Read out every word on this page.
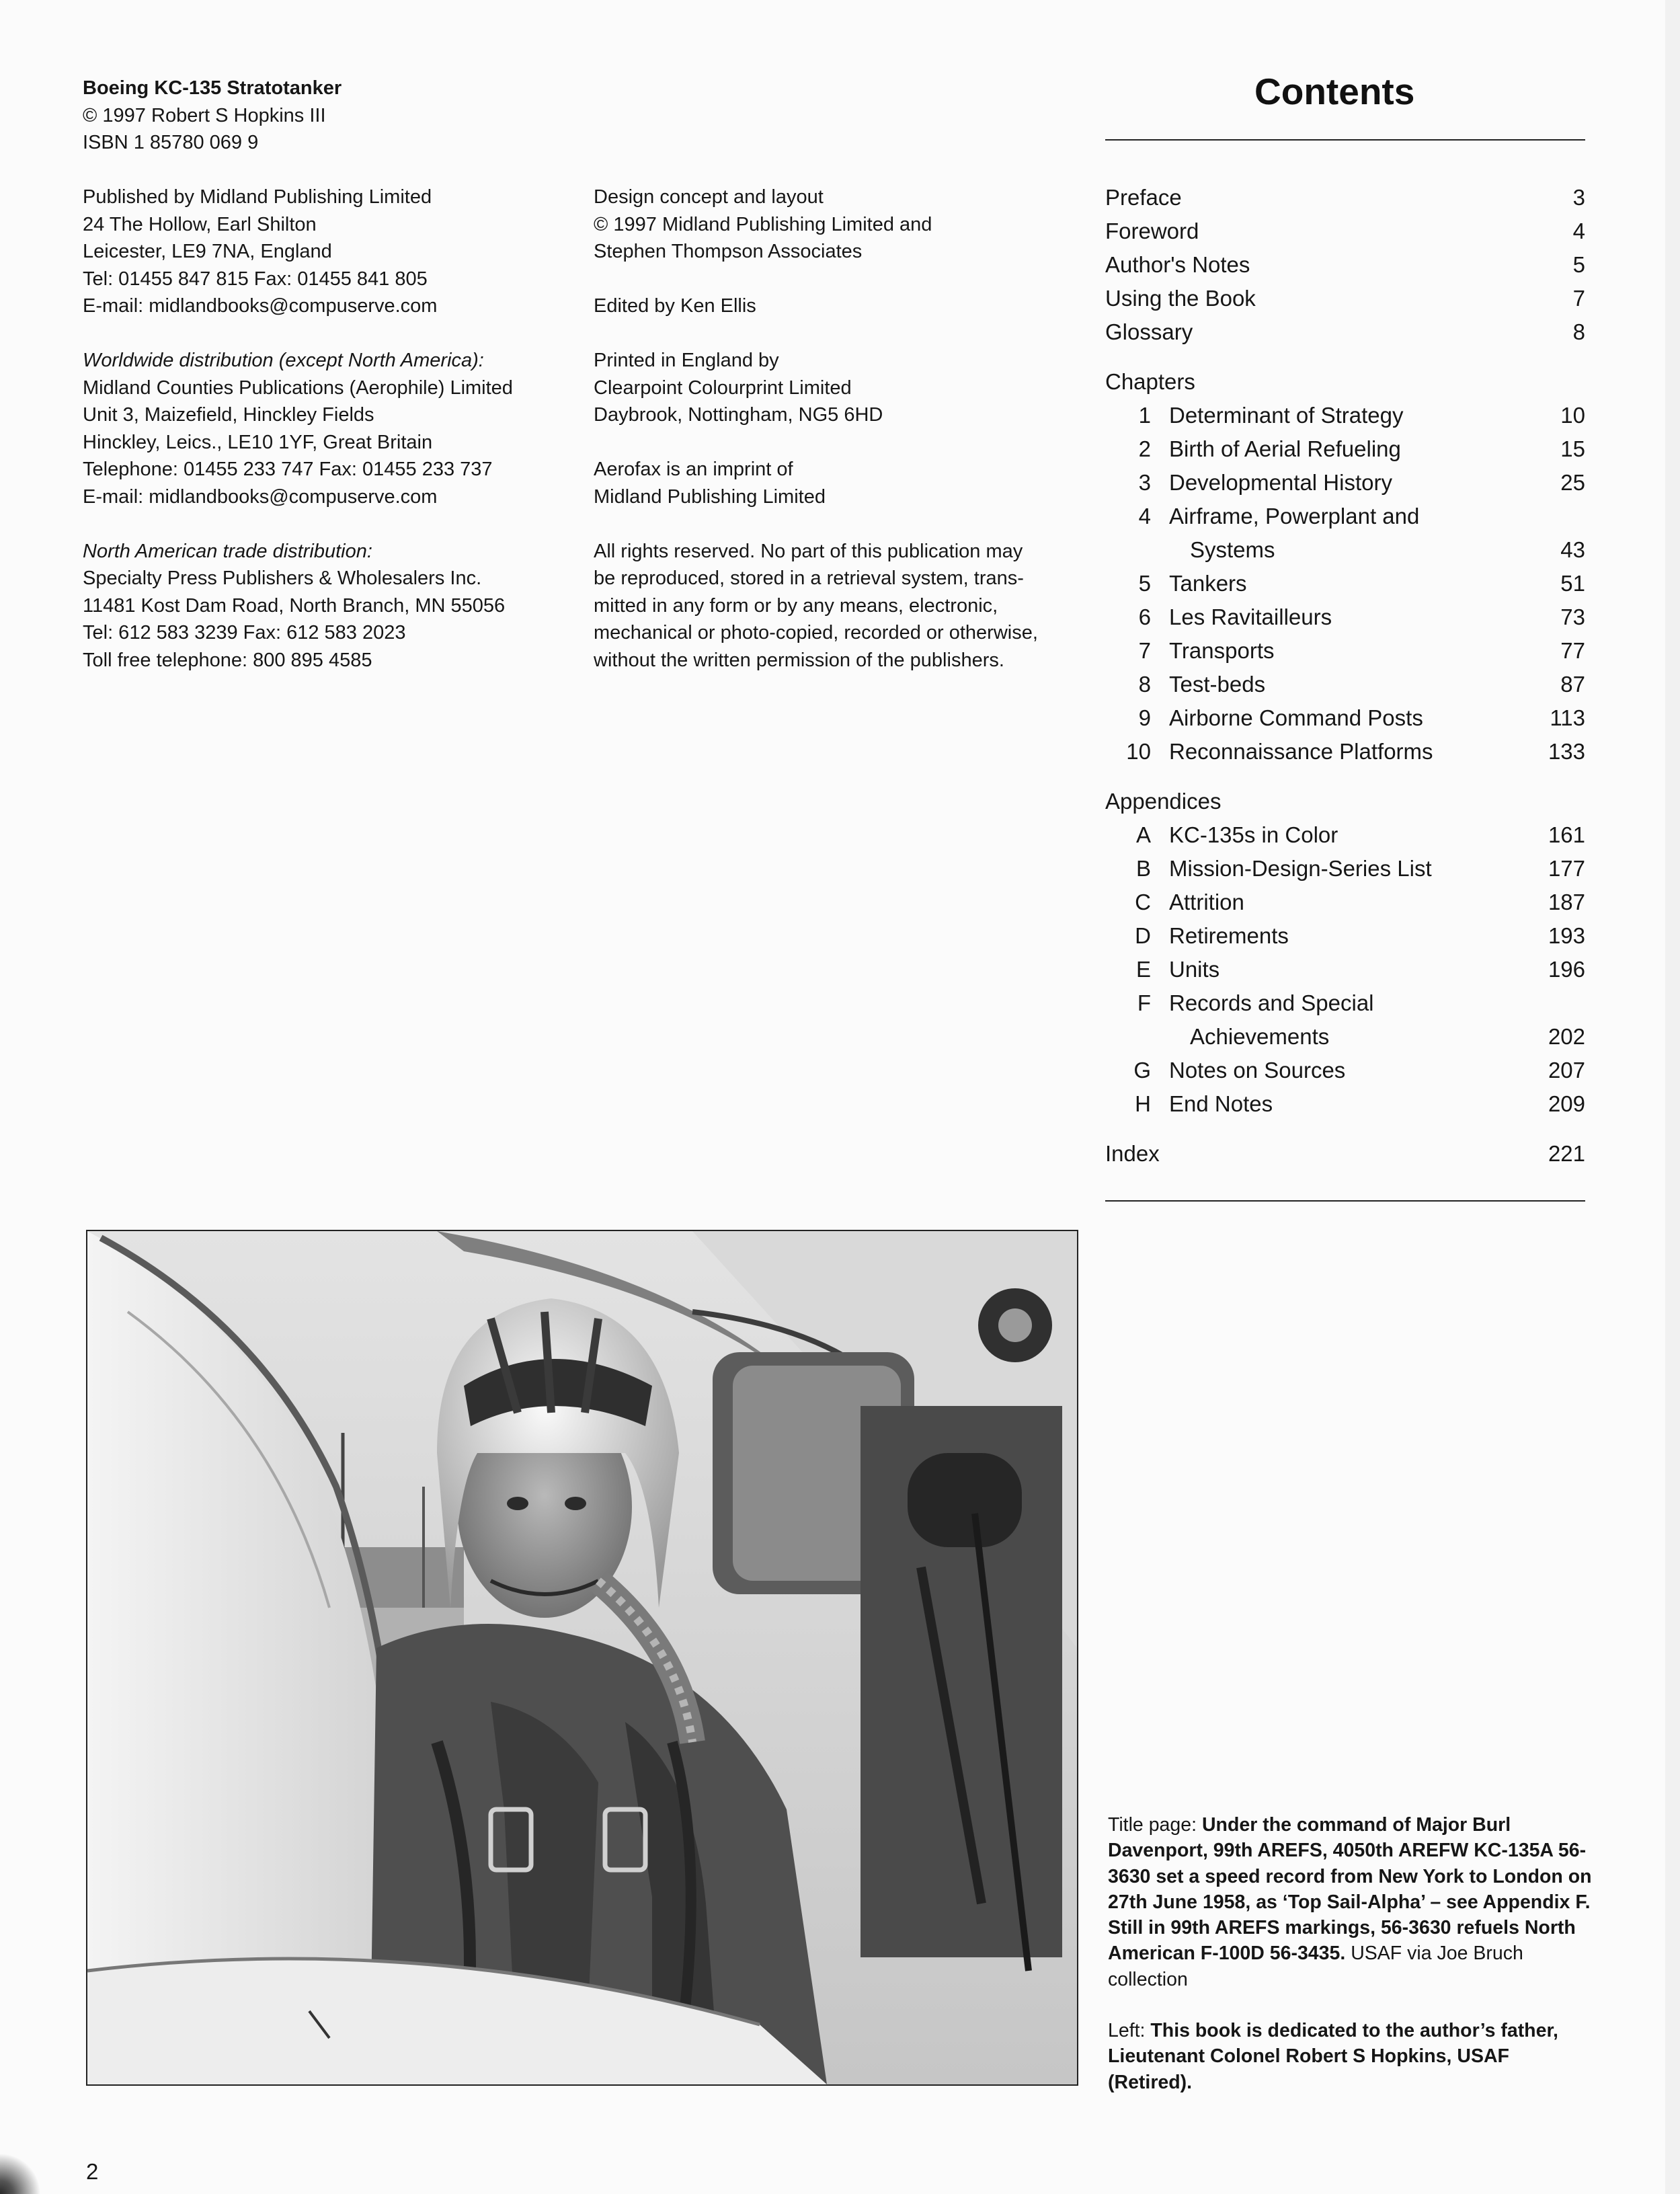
Boeing KC-135 Stratotanker
© 1997 Robert S Hopkins III
ISBN 1 85780 069 9

Published by Midland Publishing Limited
24 The Hollow, Earl Shilton
Leicester, LE9 7NA, England
Tel: 01455 847 815 Fax: 01455 841 805
E-mail: midlandbooks@compuserve.com

Worldwide distribution (except North America):
Midland Counties Publications (Aerophile) Limited
Unit 3, Maizefield, Hinckley Fields
Hinckley, Leics., LE10 1YF, Great Britain
Telephone: 01455 233 747 Fax: 01455 233 737
E-mail: midlandbooks@compuserve.com

North American trade distribution:
Specialty Press Publishers & Wholesalers Inc.
11481 Kost Dam Road, North Branch, MN 55056
Tel: 612 583 3239 Fax: 612 583 2023
Toll free telephone: 800 895 4585

Design concept and layout
© 1997 Midland Publishing Limited and
Stephen Thompson Associates

Edited by Ken Ellis

Printed in England by
Clearpoint Colourprint Limited
Daybrook, Nottingham, NG5 6HD

Aerofax is an imprint of
Midland Publishing Limited

All rights reserved. No part of this publication may
be reproduced, stored in a retrieval system, trans-
mitted in any form or by any means, electronic,
mechanical or photo-copied, recorded or otherwise,
without the written permission of the publishers.

Contents
Preface	3
Foreword	4
Author's Notes	5
Using the Book	7
Glossary	8
Chapters
1 Determinant of Strategy	10
2 Birth of Aerial Refueling	15
3 Developmental History	25
4 Airframe, Powerplant and
Systems	43
5 Tankers	51
6 Les Ravitailleurs	73
7 Transports	77
8 Test-beds	87
9 Airborne Command Posts	113
10 Reconnaissance Platforms	133
Appendices
A KC-135s in Color	161
B Mission-Design-Series List	177
C Attrition	187
D Retirements	193
E Units	196
F Records and Special
Achievements	202
G Notes on Sources	207
H End Notes	209
Index	221

Title page: Under the command of Major Burl Davenport, 99th AREFS, 4050th AREFW KC-135A 56-3630 set a speed record from New York to London on 27th June 1958, as ‘Top Sail-Alpha’ – see Appendix F. Still in 99th AREFS markings, 56-3630 refuels North American F-100D 56-3435. USAF via Joe Bruch collection

Left: This book is dedicated to the author’s father, Lieutenant Colonel Robert S Hopkins, USAF (Retired).

2
